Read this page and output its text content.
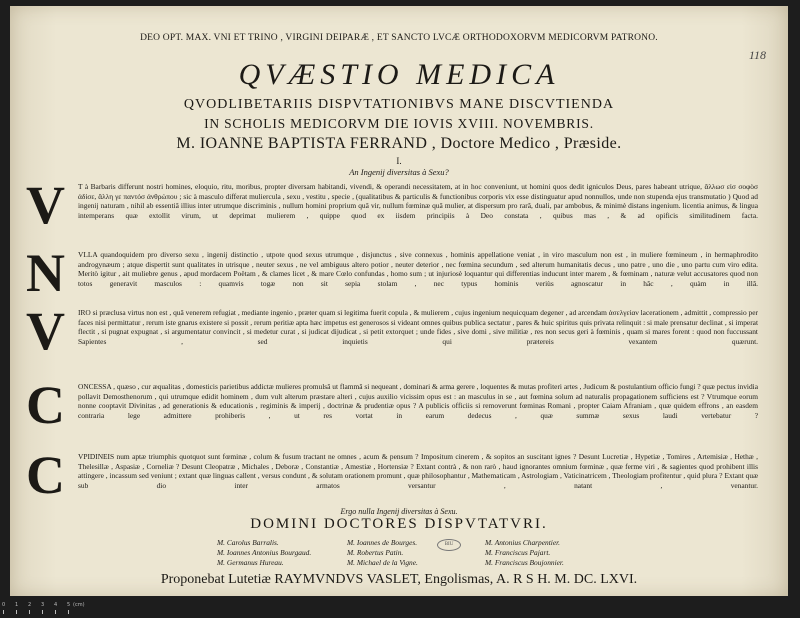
DEO OPT. MAX. VNI ET TRINO , VIRGINI DEIPARÆ , ET SANCTO LVCÆ ORTHODOXORVM MEDICORVM PATRONO.
118
QVÆSTIO MEDICA
QVODLIBETARIIS DISPVTATIONIBVS MANE DISCVTIENDA
IN SCHOLIS MEDICORVM DIE IOVIS XVIII. NOVEMBRIS.
M. IOANNE BAPTISTA FERRAND , Doctore Medico , Præside.
I.
An Ingenij diversitas à Sexu?
V T à Barbaris differunt nostri homines, eloquio, ritu, moribus, propter diversam habitandi, vivendi, & operandi necessitatem, at in hoc conveniunt, ut homini quos dedit igniculos Deus, pares habeant utrique, ἄλλωσ εἰσ σοφὸσ ἀδίσε, ἄλλη γε παντόσ ἀνθρώπου ; sic à masculo differat muliercula , sexu , vestitu , specie , (qualitatibus & particulis & functionibus corporis vix esse distinguatur apud nonnullos, unde non stupenda ejus transmutatio ) Quod ad ingenij naturam , nihil ab essentiâ illius inter utrumque discriminis , nullum homini proprium quâ vir, nullum fœminæ quâ mulier, at dispersum pro rarâ, duali, par ambobus, & minimè distans ingenium. licentia animus, & lingua intemperans quæ extollit virum, ut deprimat mulierem , quippe quod ex iisdem principiis à Deo constata , quibus mas , & ad opificis similitudinem facta.
N VLLA quandoquidem pro diverso sexu , ingenij distinctio , utpote quod sexus utrumque , disjunctus , sive connexus , hominis appellatione veniat , in viro masculum non est , in muliere fœmineum , in hermaphrodito androgynæum ; atque dispertit sunt qualitates in utrisque , neuter sexus , ne vel ambiguus altero potior , neuter deterior , nec fœmina secundum , sed alterum humanitatis decus , uno patre , uno die , uno partu cum viro edita. Meritò igitur , ait muliebre genus , apud mordacem Poëtam , & clames licet , & mare Cœlo confundas , homo sum ; ut injuriosè loquantur qui differentias inducunt inter marem , & fœminam , naturæ velut accusatores quod non totos generavit masculos : quamvis togæ non sit sepia stolam , nec typus hominis veriùs agnoscatur in hâc , quàm in illâ.
V IRO si præclusa virtus non est , quâ venerem refugiat , mediante ingenio , præter quam si legitima fuerit copula , & mulierem , cujus ingenium nequicquam degener , ad arcendam ἀσελγείαν lacerationem , admittit , compressio per faces nisi permittatur , rerum iste gnarus existere si possit , rerum peritiæ apta hæc impetus est generosos si videant omnes quibus publica sectatur , pares & huic spiritus quis privata relinquit : si male prensatur declinat , si imperat flectit , si pugnat expugnat , si argumentatur convincit , si medetur curat , si judicat dijudicat , si petit extorquet ; unde fides , sive domi , sive militiæ , res non secus geri à fœminis , quam si mares forent : quod non fuccussant Sapientes , sed inquietis qui prætereis vexantem quærunt.
C ONCESSA , quæso , cur æqualitas , domesticis parietibus addictæ mulieres promulsâ ut flammâ si nequeant , dominari & arma gerere , loquentes & mutas profiteri artes , Judicum & postulantium officio fungi ? quæ pectus invidia pollavit Demosthenorum , qui utrumque edidit hominem , dum vult alterum præstare alteri , cujus auxilio vicissim opus est : an masculus in se , aut fœmina solum ad naturalis propagationem sufficiens est ? Vtrumque eorum nonne cooptavit Divinitas , ad generationis & educationis , regiminis & imperij , doctrinæ & prudentiæ opus ? A publicis officiis si removerunt fœminas Romani , propter Caiam Afraniam , quæ quidem effrons , an easdem contraria lege admittere prohiberis , ut res vortat in earum dedecus , quæ summæ sexus laudi vertebatur ?
C VPIDINEIS num aptæ triumphis quotquot sunt fœminæ , colum & fusum tractant ne omnes , acum & pensum ? Impositum cinerem , & sopitos an suscitant ignes ? Desunt Lucretiæ , Hypetiæ , Tomires , Artemisiæ , Hethæ , Thelesillæ , Aspasiæ , Corneliæ ? Desunt Cleopatræ , Michales , Deboræ , Constantiæ , Amestiæ , Hortensiæ ? Extant contrà , & non rarò , haud ignorantes omnium fœminæ , quæ ferme viri , & sagientes quod prohibent illis attingere , incassum sed veniunt ; extant quæ linguas callent , versus condunt , & solutam orationem promunt , quæ philosophantur , Mathematicam , Astrologiam , Vaticinatricem , Theologiam profitentur , quid plura ? Extant quæ sub dio inter armatos versantur , natant , venantur.
Ergo nulla Ingenij diversitas à Sexu.
DOMINI DOCTORES DISPVTATVRI.
M. Carolus Barralis.
M. Ioannes Antonius Bourgaud.
M. Germanus Hureau.
M. Ioannes de Bourges.
M. Robertus Patin.
M. Michael de la Vigne.
M. Antonius Charpentier.
M. Franciscus Pajart.
M. Franciscus Boujonnier.
BIU
Proponebat Lutetiæ RAYMVNDVS VASLET, Engolismas, A. R S H. M. DC. LXVI.
0 1 2 3 4 5 (cm)
